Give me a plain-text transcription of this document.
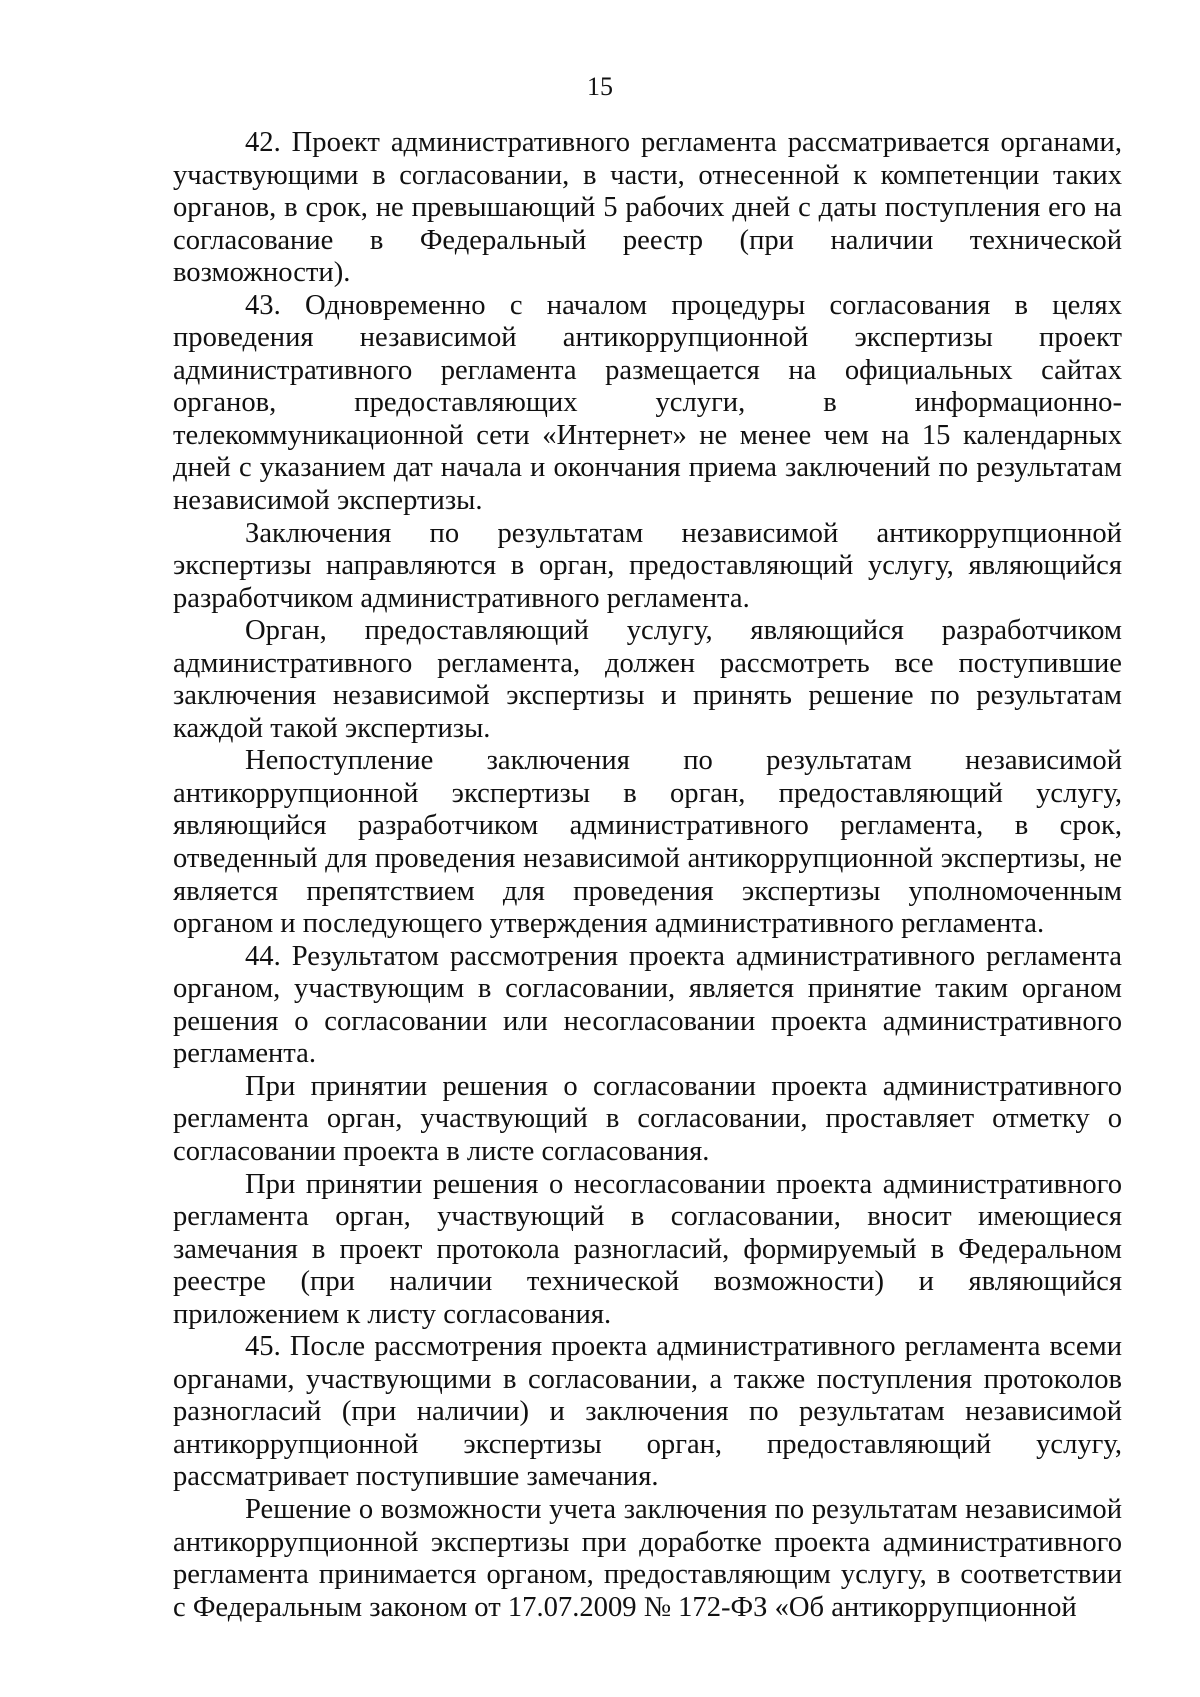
15

42. Проект административного регламента рассматривается органами, участвующими в согласовании, в части, отнесенной к компетенции таких органов, в срок, не превышающий 5 рабочих дней с даты поступления его на согласование в Федеральный реестр (при наличии технической возможности).

43. Одновременно с началом процедуры согласования в целях проведения независимой антикоррупционной экспертизы проект административного регламента размещается на официальных сайтах органов, предоставляющих услуги, в информационно-телекоммуникационной сети «Интернет» не менее чем на 15 календарных дней с указанием дат начала и окончания приема заключений по результатам независимой экспертизы.

Заключения по результатам независимой антикоррупционной экспертизы направляются в орган, предоставляющий услугу, являющийся разработчиком административного регламента.

Орган, предоставляющий услугу, являющийся разработчиком административного регламента, должен рассмотреть все поступившие заключения независимой экспертизы и принять решение по результатам каждой такой экспертизы.

Непоступление заключения по результатам независимой антикоррупционной экспертизы в орган, предоставляющий услугу, являющийся разработчиком административного регламента, в срок, отведенный для проведения независимой антикоррупционной экспертизы, не является препятствием для проведения экспертизы уполномоченным органом и последующего утверждения административного регламента.

44. Результатом рассмотрения проекта административного регламента органом, участвующим в согласовании, является принятие таким органом решения о согласовании или несогласовании проекта административного регламента.

При принятии решения о согласовании проекта административного регламента орган, участвующий в согласовании, проставляет отметку о согласовании проекта в листе согласования.

При принятии решения о несогласовании проекта административного регламента орган, участвующий в согласовании, вносит имеющиеся замечания в проект протокола разногласий, формируемый в Федеральном реестре (при наличии технической возможности) и являющийся приложением к листу согласования.

45. После рассмотрения проекта административного регламента всеми органами, участвующими в согласовании, а также поступления протоколов разногласий (при наличии) и заключения по результатам независимой антикоррупционной экспертизы орган, предоставляющий услугу, рассматривает поступившие замечания.

Решение о возможности учета заключения по результатам независимой антикоррупционной экспертизы при доработке проекта административного регламента принимается органом, предоставляющим услугу, в соответствии с Федеральным законом от 17.07.2009 № 172-ФЗ «Об антикоррупционной
